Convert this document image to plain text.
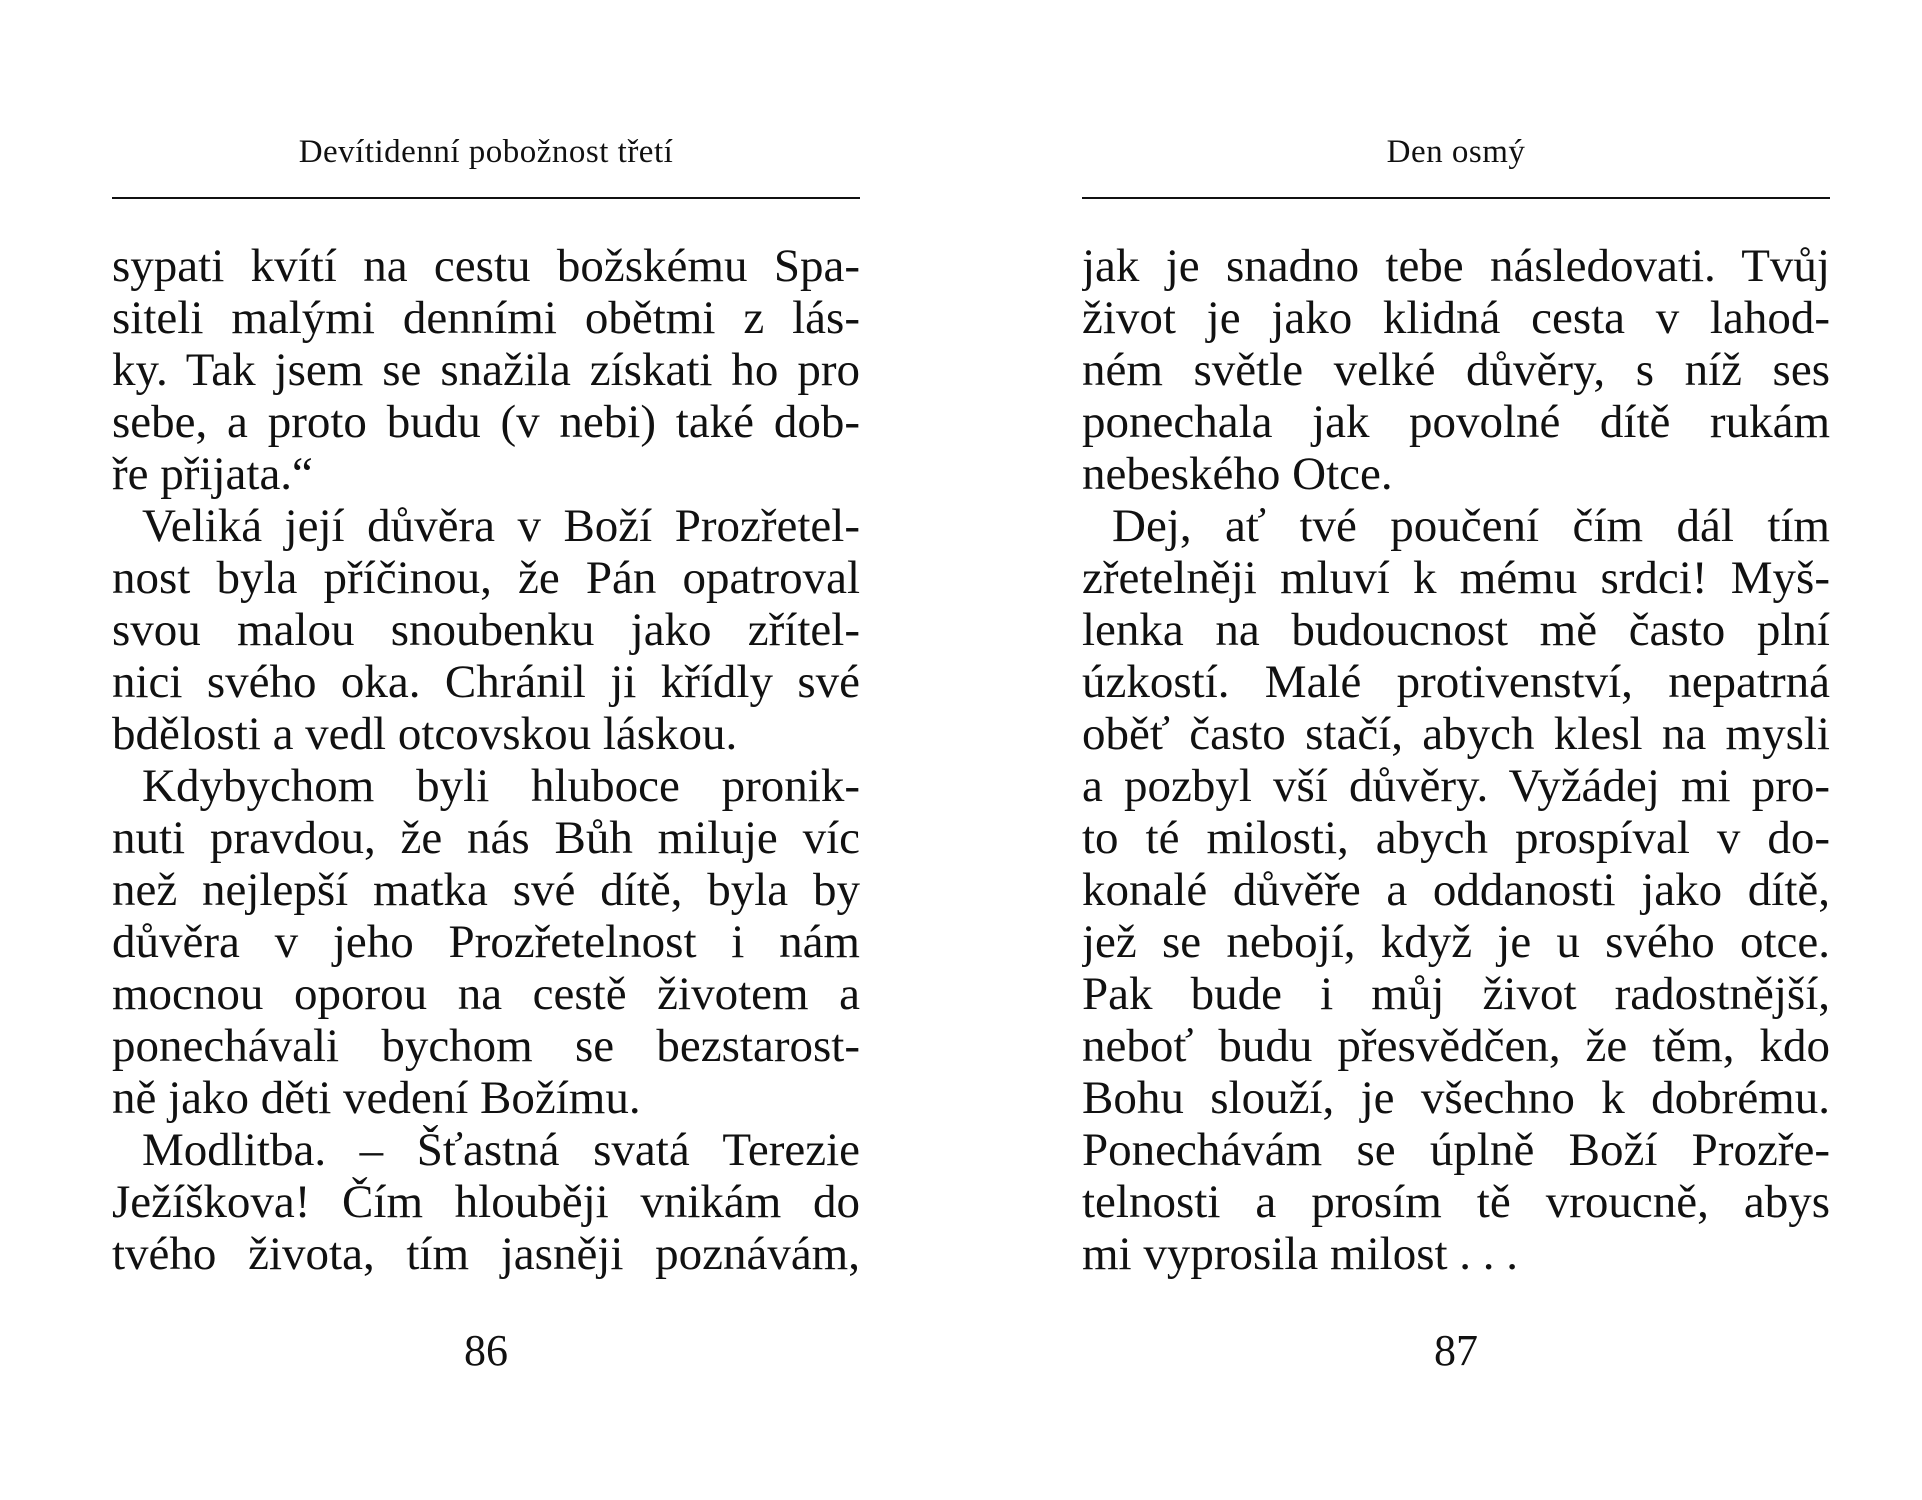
Devítidenní pobožnost třetí
sypati kvítí na cestu božskému Spa-
siteli malými denními obětmi z lás-
ky. Tak jsem se snažila získati ho pro
sebe, a proto budu (v nebi) také dob-
ře přijata.“
Veliká její důvěra v Boží Prozřetel-
nost byla příčinou, že Pán opatroval
svou malou snoubenku jako zřítel-
nici svého oka. Chránil ji křídly své
bdělosti a vedl otcovskou láskou.
Kdybychom byli hluboce pronik-
nuti pravdou, že nás Bůh miluje víc
než nejlepší matka své dítě, byla by
důvěra v jeho Prozřetelnost i nám
mocnou oporou na cestě životem a
ponechávali bychom se bezstarost-
ně jako děti vedení Božímu.
Modlitba. – Šťastná svatá Terezie
Ježíškova! Čím hlouběji vnikám do
tvého života, tím jasněji poznávám,
86
Den osmý
jak je snadno tebe následovati. Tvůj
život je jako klidná cesta v lahod-
ném světle velké důvěry, s níž ses
ponechala jak povolné dítě rukám
nebeského Otce.
Dej, ať tvé poučení čím dál tím
zřetelněji mluví k mému srdci! Myš-
lenka na budoucnost mě často plní
úzkostí. Malé protivenství, nepatrná
oběť často stačí, abych klesl na mysli
a pozbyl vší důvěry. Vyžádej mi pro-
to té milosti, abych prospíval v do-
konalé důvěře a oddanosti jako dítě,
jež se nebojí, když je u svého otce.
Pak bude i můj život radostnější,
neboť budu přesvědčen, že těm, kdo
Bohu slouží, je všechno k dobrému.
Ponechávám se úplně Boží Prozře-
telnosti a prosím tě vroucně, abys
mi vyprosila milost . . .
87
